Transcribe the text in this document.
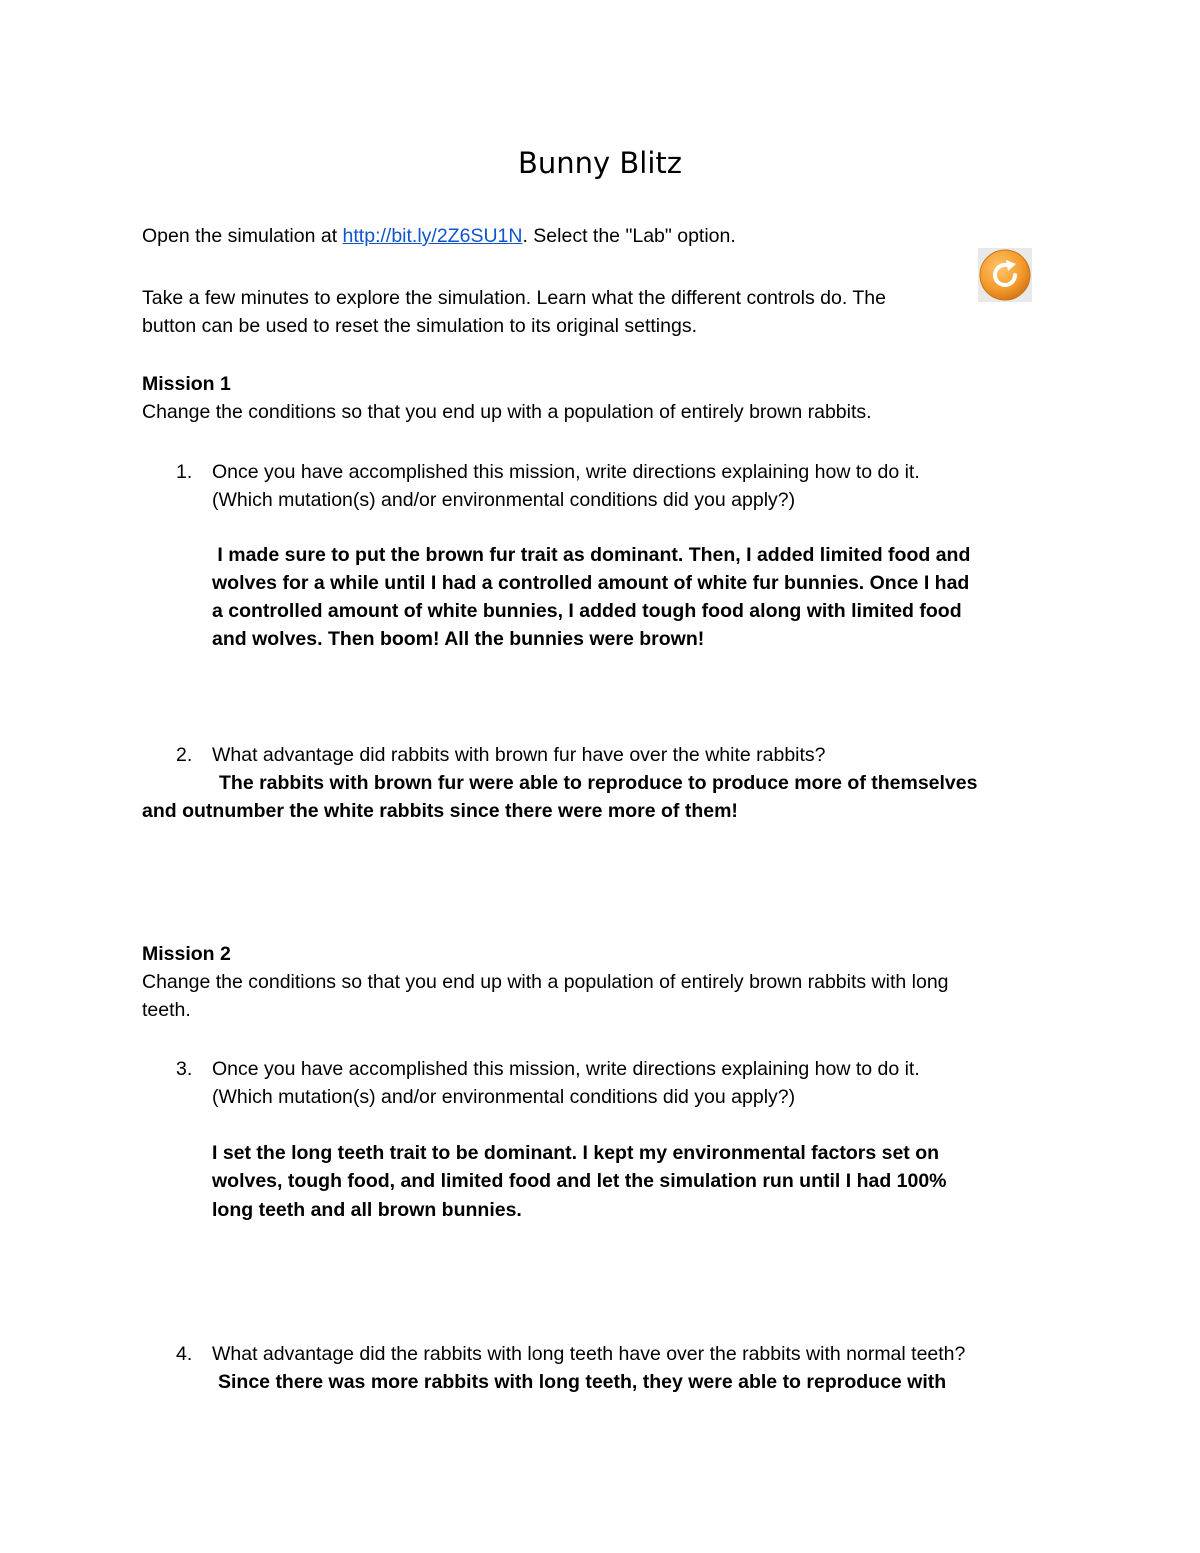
Bunny Blitz
Open the simulation at http://bit.ly/2Z6SU1N. Select the "Lab" option.
Take a few minutes to explore the simulation. Learn what the different controls do. The
button can be used to reset the simulation to its original settings.
Mission 1
Change the conditions so that you end up with a population of entirely brown rabbits.
1. Once you have accomplished this mission, write directions explaining how to do it.
(Which mutation(s) and/or environmental conditions did you apply?)
I made sure to put the brown fur trait as dominant. Then, I added limited food and
wolves for a while until I had a controlled amount of white fur bunnies. Once I had
a controlled amount of white bunnies, I added tough food along with limited food
and wolves. Then boom! All the bunnies were brown!
2. What advantage did rabbits with brown fur have over the white rabbits?
The rabbits with brown fur were able to reproduce to produce more of themselves
and outnumber the white rabbits since there were more of them!
Mission 2
Change the conditions so that you end up with a population of entirely brown rabbits with long
teeth.
3. Once you have accomplished this mission, write directions explaining how to do it.
(Which mutation(s) and/or environmental conditions did you apply?)
I set the long teeth trait to be dominant. I kept my environmental factors set on
wolves, tough food, and limited food and let the simulation run until I had 100%
long teeth and all brown bunnies.
4. What advantage did the rabbits with long teeth have over the rabbits with normal teeth?
Since there was more rabbits with long teeth, they were able to reproduce with
